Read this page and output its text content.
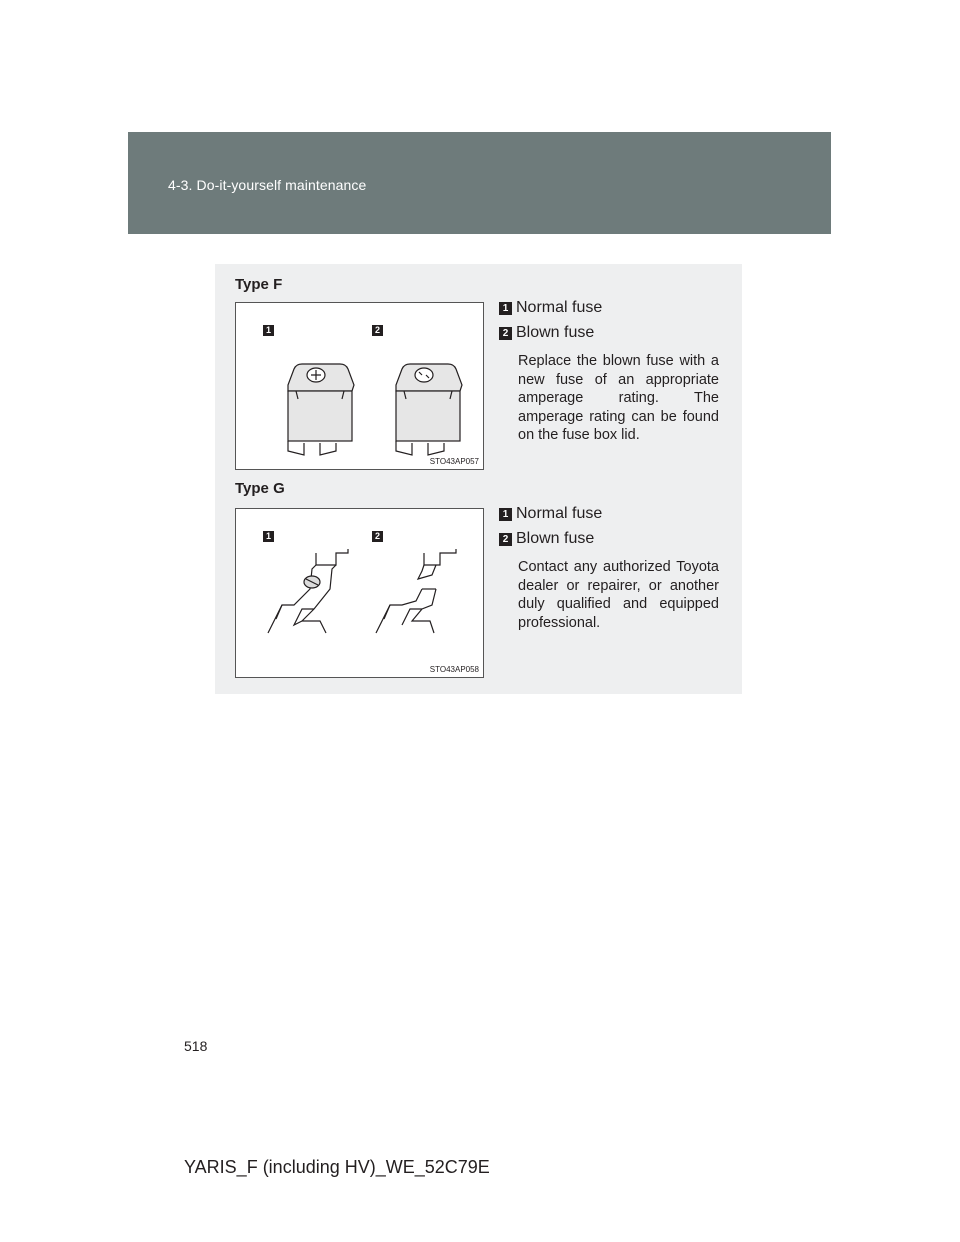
4-3. Do-it-yourself maintenance
Type F
1	2
STO43AP057
Type G
1	2
STO43AP058
1 Normal fuse
2 Blown fuse
Replace the blown fuse with a new fuse of an appropriate amperage rating. The amperage rating can be found on the fuse box lid.
1 Normal fuse
2 Blown fuse
Contact any authorized Toyota dealer or repairer, or another duly qualified and equipped professional.
518
YARIS_F (including HV)_WE_52C79E
